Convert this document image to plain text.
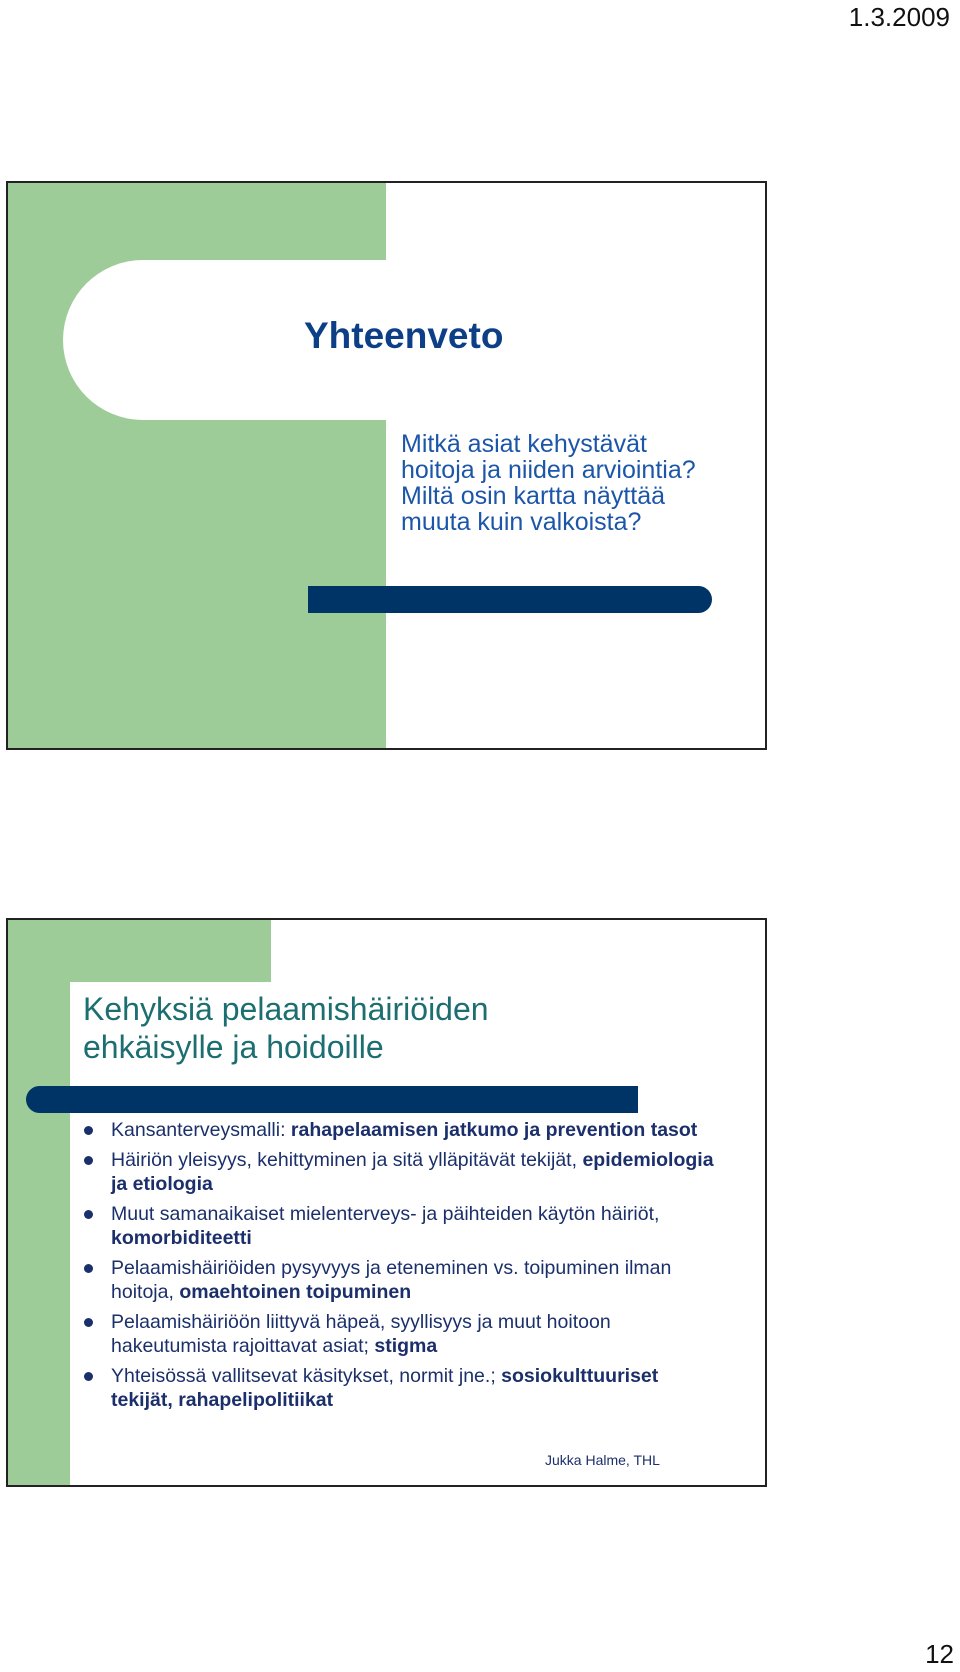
1.3.2009
Yhteenveto
Mitkä asiat kehystävät
hoitoja ja niiden arviointia?
Miltä osin kartta näyttää
muuta kuin valkoista?
Kehyksiä pelaamishäiriöiden
ehkäisylle ja hoidoille
Kansanterveysmalli: rahapelaamisen jatkumo ja prevention tasot
Häiriön yleisyys, kehittyminen ja sitä ylläpitävät tekijät, epidemiologia ja etiologia
Muut samanaikaiset mielenterveys- ja päihteiden käytön häiriöt, komorbiditeetti
Pelaamishäiriöiden pysyvyys ja eteneminen vs. toipuminen ilman hoitoja, omaehtoinen toipuminen
Pelaamishäiriöön liittyvä häpeä, syyllisyys ja muut hoitoon hakeutumista rajoittavat asiat; stigma
Yhteisössä vallitsevat käsitykset, normit jne.; sosiokulttuuriset tekijät, rahapelipolitiikat
Jukka Halme, THL
12
